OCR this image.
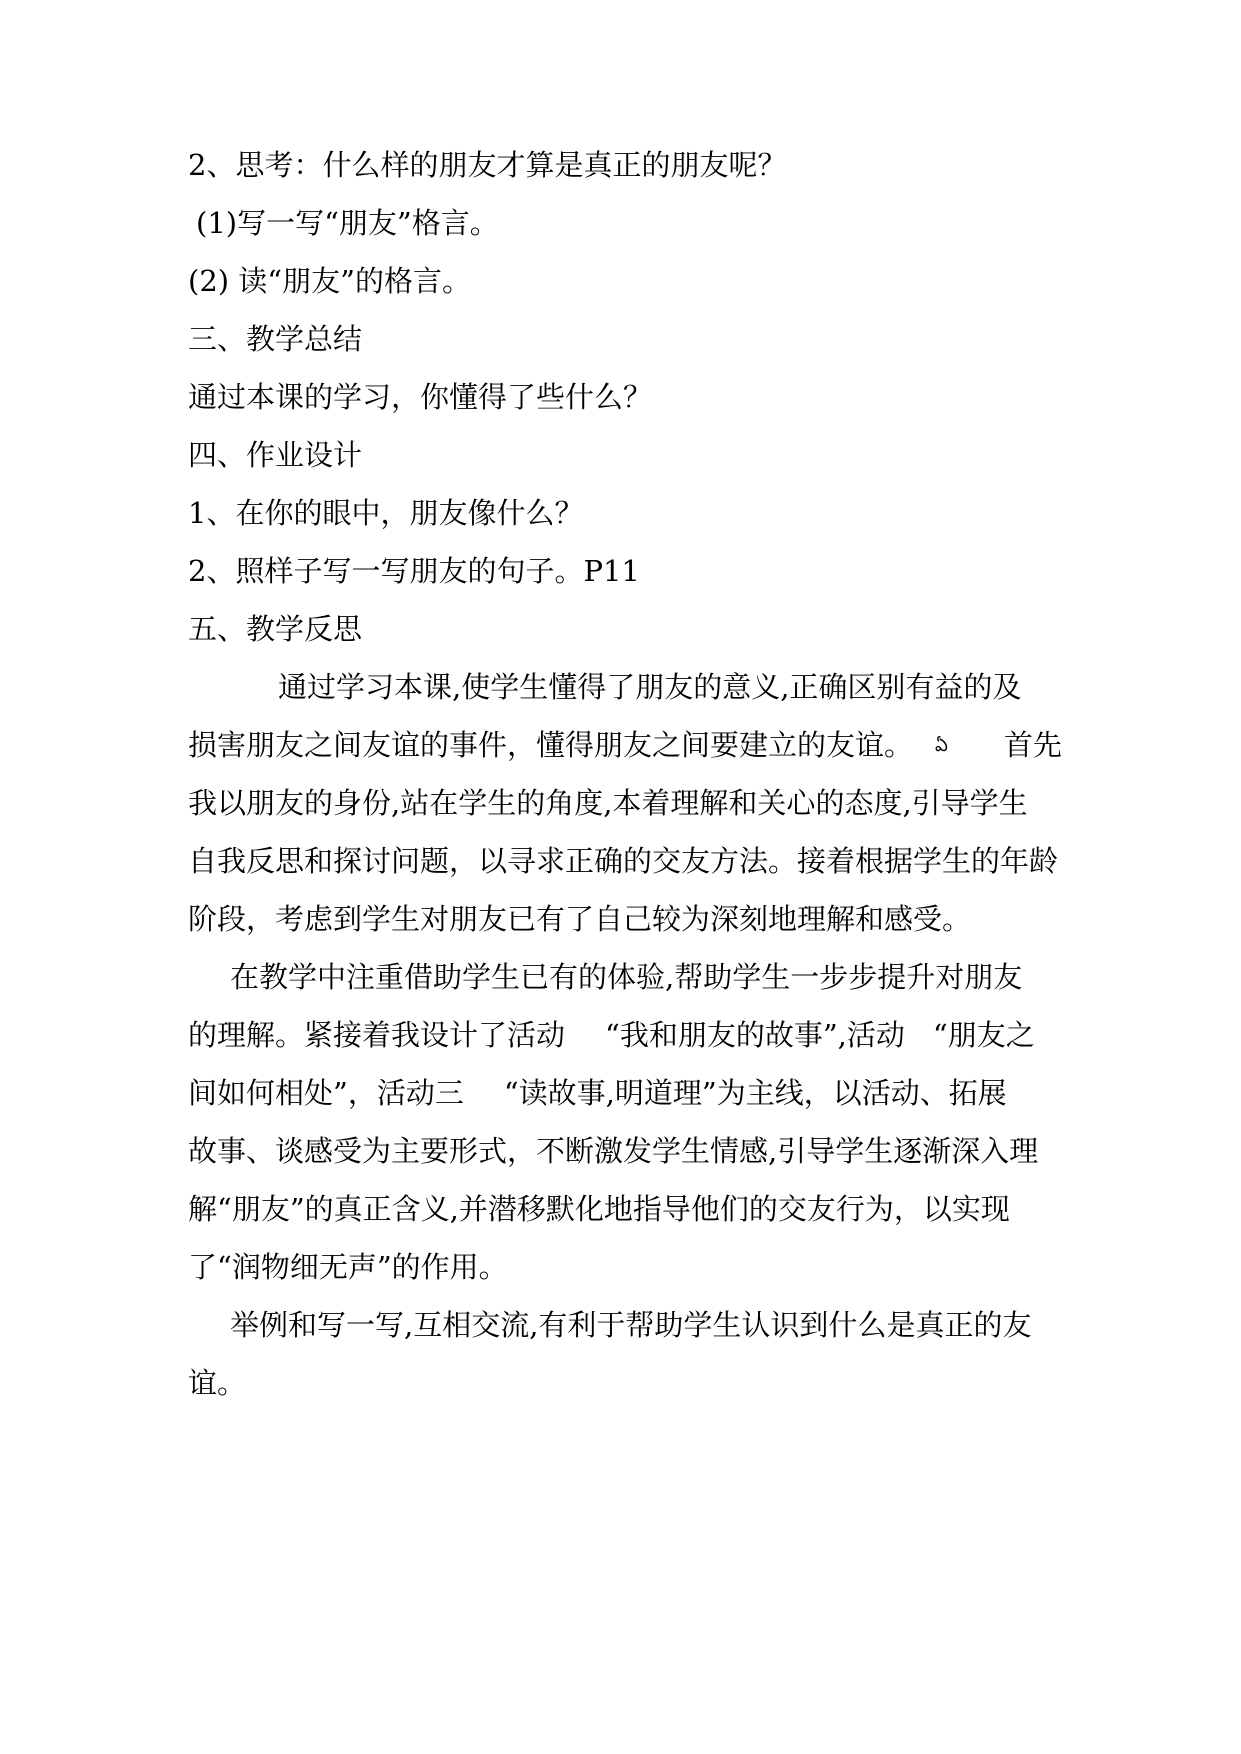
2、思考：什么样的朋友才算是真正的朋友呢？
(1)写一写“朋友”格言。
(2) 读“朋友”的格言。
三、教学总结
通过本课的学习，你懂得了些什么？
四、作业设计
1、在你的眼中，朋友像什么？
2、照样子写一写朋友的句子。P11
五、教学反思
通过学习本课,使学生懂得了朋友的意义,正确区别有益的及
损害朋友之间友谊的事件，懂得朋友之间要建立的友谊。 ఏ 首先
我以朋友的身份,站在学生的角度,本着理解和关心的态度,引导学生
自我反思和探讨问题，以寻求正确的交友方法。接着根据学生的年龄
阶段，考虑到学生对朋友已有了自己较为深刻地理解和感受。
在教学中注重借助学生已有的体验,帮助学生一步步提升对朋友
的理解。紧接着我设计了活动 “我和朋友的故事”,活动 “朋友之
间如何相处”，活动三 “读故事,明道理”为主线，以活动、拓展
故事、谈感受为主要形式，不断激发学生情感,引导学生逐渐深入理
解“朋友”的真正含义,并潜移默化地指导他们的交友行为，以实现
了“润物细无声”的作用。
举例和写一写,互相交流,有利于帮助学生认识到什么是真正的友
谊。
